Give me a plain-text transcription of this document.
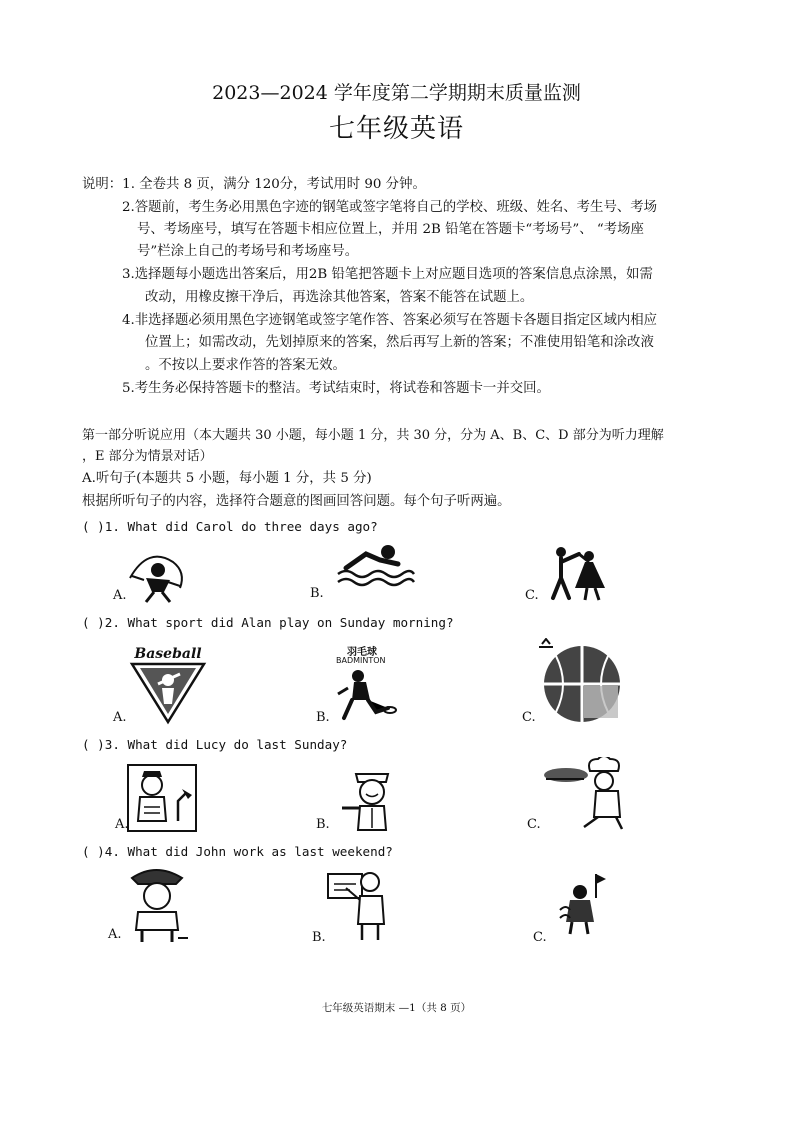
2023—2024 学年度第二学期期末质量监测
七年级英语
说明：1. 全卷共 8 页，满分 120分，考试用时 90 分钟。
2.答题前，考生务必用黑色字迹的钢笔或签字笔将自己的学校、班级、姓名、考生号、考场
号、考场座号，填写在答题卡相应位置上，并用 2B 铅笔在答题卡“考场号”、 “考场座
号”栏涂上自己的考场号和考场座号。
3.选择题每小题选出答案后，用2B 铅笔把答题卡上对应题目选项的答案信息点涂黑，如需
改动，用橡皮擦干净后，再选涂其他答案，答案不能答在试题上。
4.非选择题必须用黑色字迹钢笔或签字笔作答、答案必须写在答题卡各题目指定区域内相应
位置上；如需改动，先划掉原来的答案，然后再写上新的答案；不准使用铅笔和涂改液
。不按以上要求作答的答案无效。
5.考生务必保持答题卡的整洁。考试结束时，将试卷和答题卡一并交回。
第一部分听说应用（本大题共 30 小题，每小题 1 分，共 30 分，分为 A、B、C、D 部分为听力理解
，E 部分为情景对话）
A.听句子(本题共 5 小题，每小题 1 分，共 5 分)
根据所听句子的内容，选择符合题意的图画回答问题。每个句子听两遍。
( )1. What did Carol do three days ago?
A.	B.	C.
( )2. What sport did Alan play on Sunday morning?
A.	B.	C.
Baseball	羽毛球
BADMINTON
( )3. What did Lucy do last Sunday?
A.	B.	C.
( )4. What did John work as last weekend?
A.	B.	C.
七年级英语期末 —1（共 8 页）
